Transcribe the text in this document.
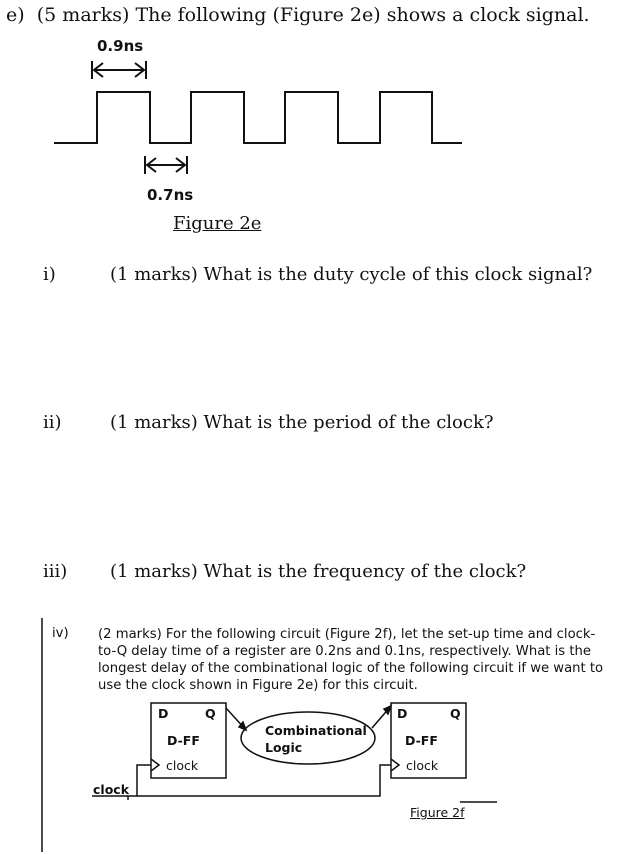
e) (5 marks) The following (Figure 2e) shows a clock signal.
0.9ns
0.7ns
Figure 2e
i)	(1 marks) What is the duty cycle of this clock signal?
ii)	(1 marks) What is the period of the clock?
iii) (1 marks) What is the frequency of the clock?
iv) (2 marks) For the following circuit (Figure 2f), let the set-up time and clock-
to-Q delay time of a register are 0.2ns and 0.1ns, respectively. What is the
longest delay of the combinational logic of the following circuit if we want to
use the clock shown in Figure 2e) for this circuit.
D	Q
D-FF
clock
Combinational
Logic
D	Q
D-FF
clock
clock
Figure 2f
